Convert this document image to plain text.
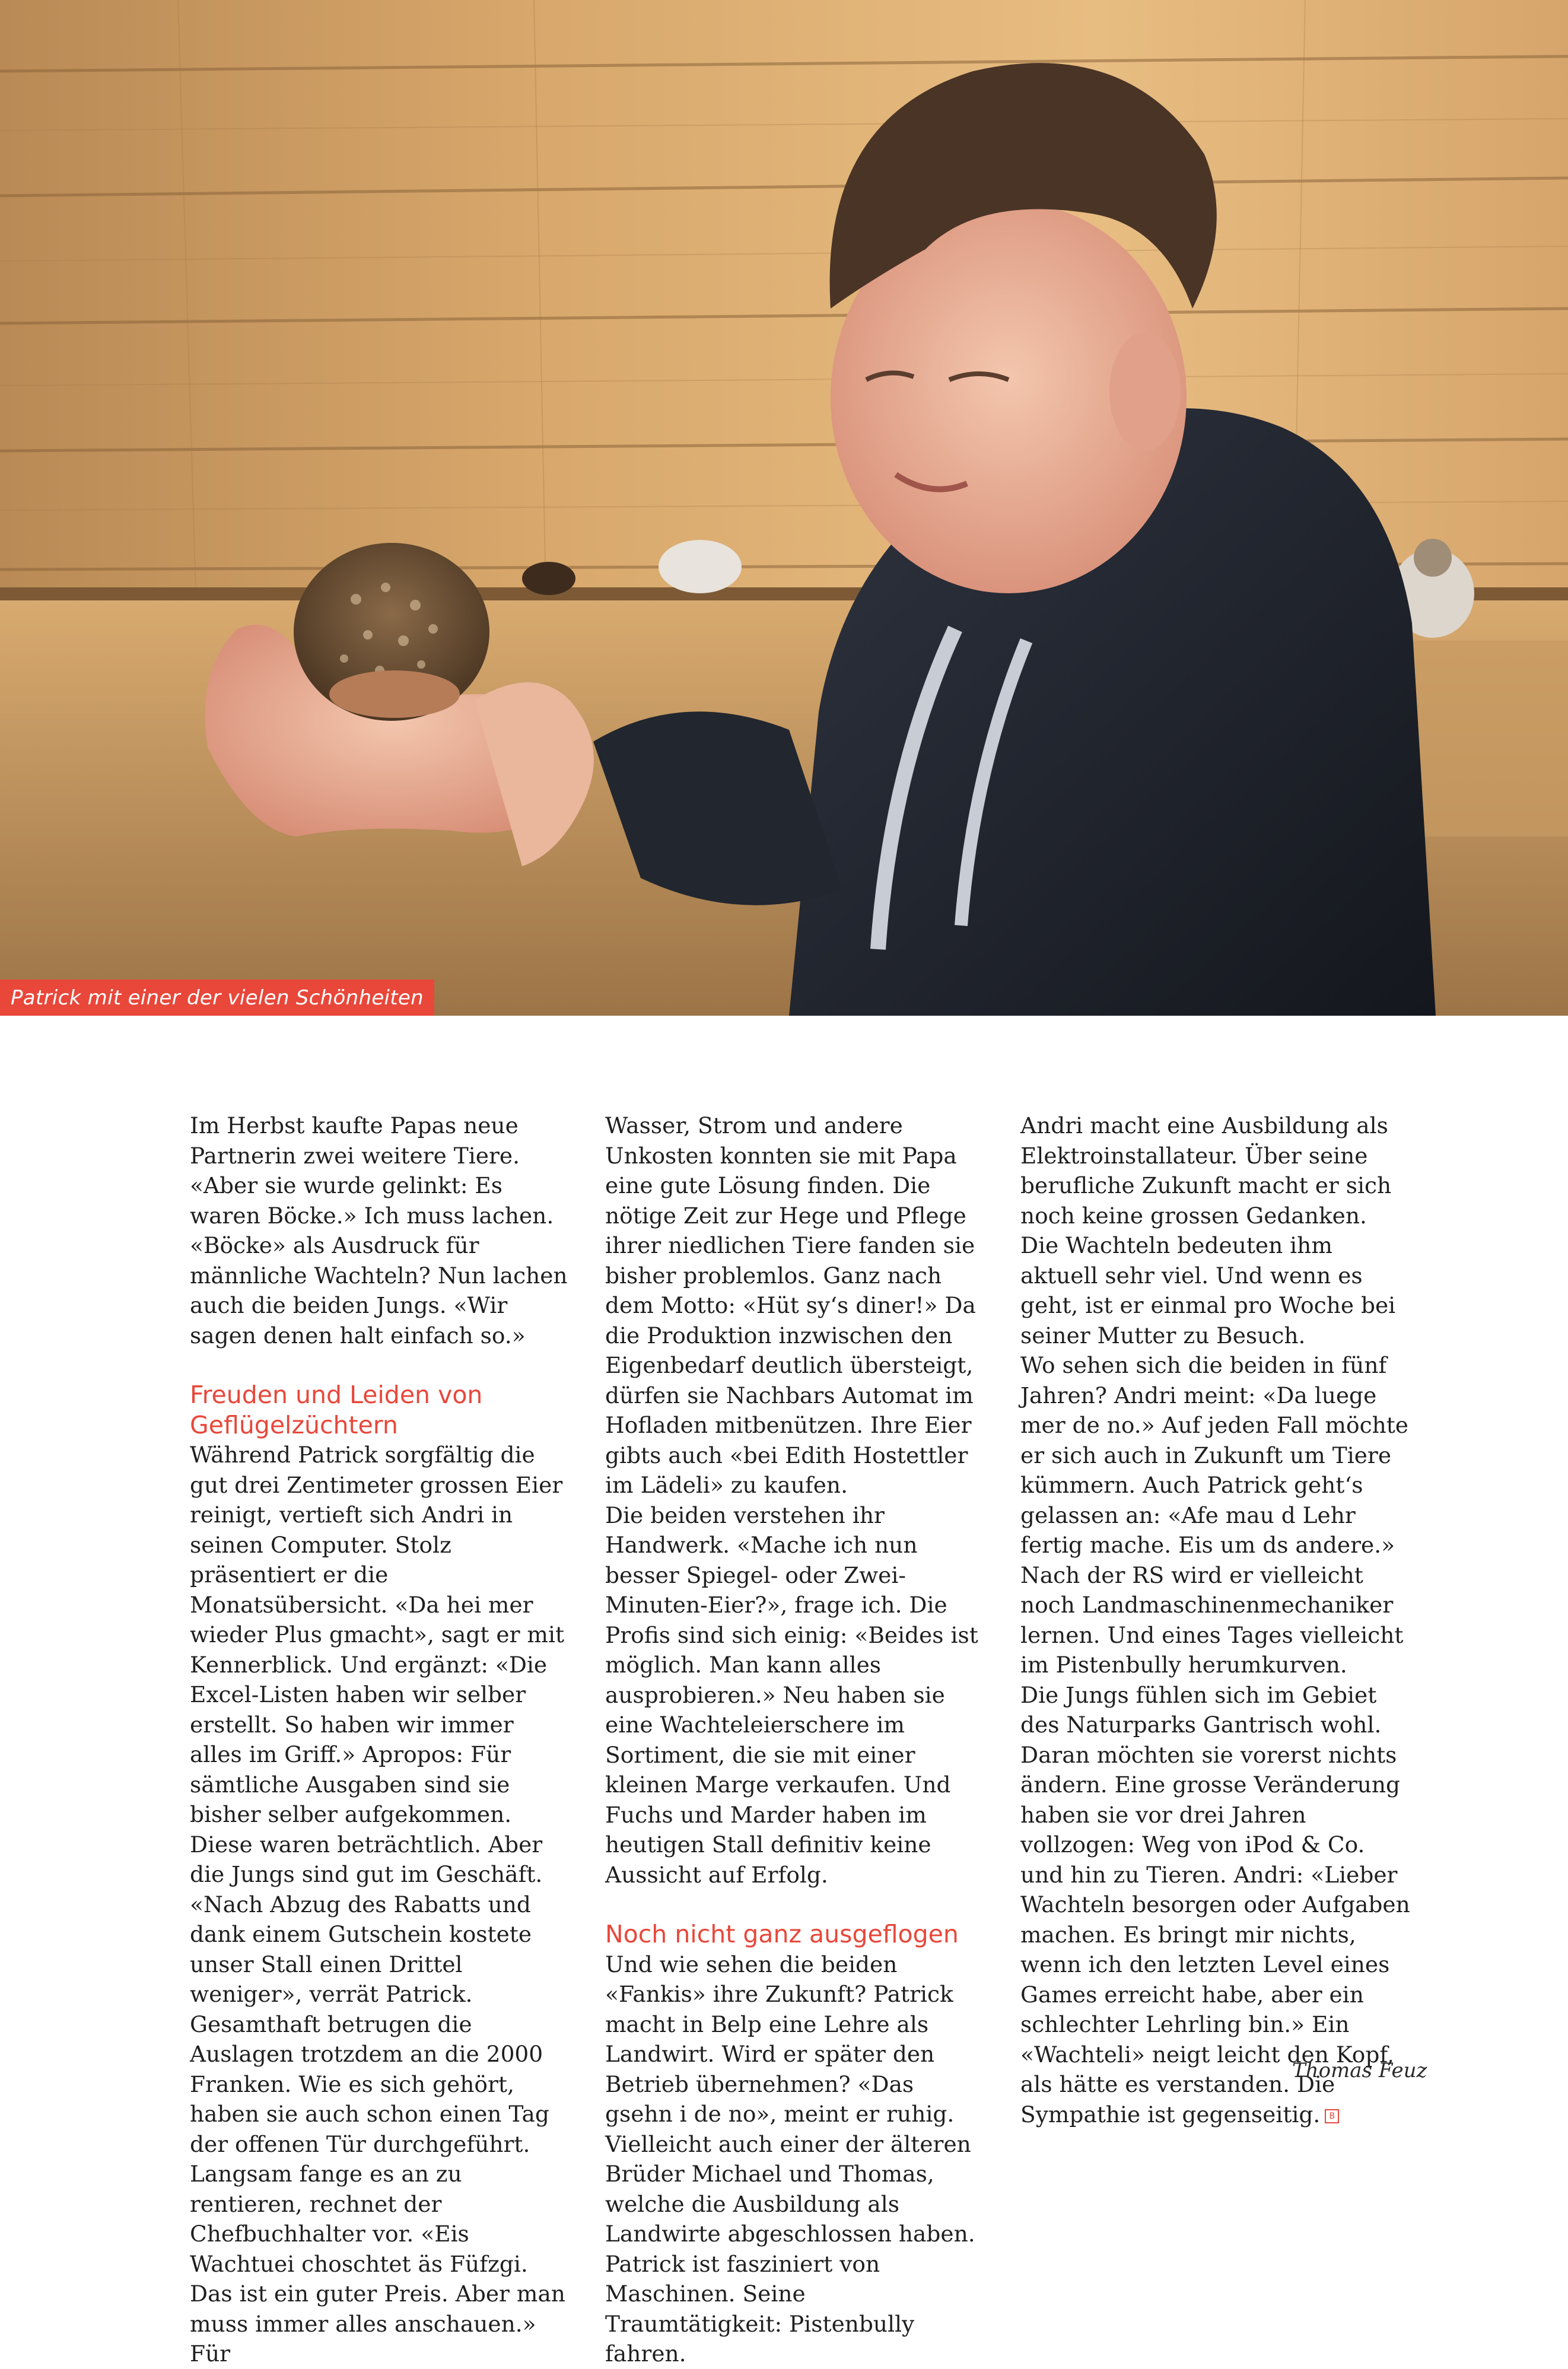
Patrick mit einer der vielen Schönheiten

Im Herbst kaufte Papas neue Partnerin zwei weitere Tiere. «Aber sie wurde gelinkt: Es waren Böcke.» Ich muss lachen. «Böcke» als Ausdruck für männliche Wachteln? Nun lachen auch die beiden Jungs. «Wir sagen denen halt einfach so.»

Freuden und Leiden von Geflügelzüchtern

Während Patrick sorgfältig die gut drei Zentimeter grossen Eier reinigt, vertieft sich Andri in seinen Computer. Stolz präsentiert er die Monatsübersicht. «Da hei mer wieder Plus gmacht», sagt er mit Kennerblick. Und ergänzt: «Die Excel-Listen haben wir selber erstellt. So haben wir immer alles im Griff.» Apropos: Für sämtliche Ausgaben sind sie bisher selber aufgekommen. Diese waren beträchtlich. Aber die Jungs sind gut im Geschäft. «Nach Abzug des Rabatts und dank einem Gutschein kostete unser Stall einen Drittel weniger», verrät Patrick. Gesamthaft betrugen die Auslagen trotzdem an die 2000 Franken. Wie es sich gehört, haben sie auch schon einen Tag der offenen Tür durchgeführt.

Langsam fange es an zu rentieren, rechnet der Chefbuchhalter vor. «Eis Wachtuei choschtet äs Füfzgi. Das ist ein guter Preis. Aber man muss immer alles anschauen.» Für

Wasser, Strom und andere Unkosten konnten sie mit Papa eine gute Lösung finden. Die nötige Zeit zur Hege und Pflege ihrer niedlichen Tiere fanden sie bisher problemlos. Ganz nach dem Motto: «Hüt sy‘s diner!» Da die Produktion inzwischen den Eigenbedarf deutlich übersteigt, dürfen sie Nachbars Automat im Hofladen mitbenützen. Ihre Eier gibts auch «bei Edith Hostettler im Lädeli» zu kaufen.

Die beiden verstehen ihr Handwerk. «Mache ich nun besser Spiegel- oder Zwei-Minuten-Eier?», frage ich. Die Profis sind sich einig: «Beides ist möglich. Man kann alles ausprobieren.» Neu haben sie eine Wachteleierschere im Sortiment, die sie mit einer kleinen Marge verkaufen. Und Fuchs und Marder haben im heutigen Stall definitiv keine Aussicht auf Erfolg.

Noch nicht ganz ausgeflogen

Und wie sehen die beiden «Fankis» ihre Zukunft? Patrick macht in Belp eine Lehre als Landwirt. Wird er später den Betrieb übernehmen? «Das gsehn i de no», meint er ruhig. Vielleicht auch einer der älteren Brüder Michael und Thomas, welche die Ausbildung als Landwirte abgeschlossen haben. Patrick ist fasziniert von Maschinen. Seine Traumtätigkeit: Pistenbully fahren.

Andri macht eine Ausbildung als Elektroinstallateur. Über seine berufliche Zukunft macht er sich noch keine grossen Gedanken. Die Wachteln bedeuten ihm aktuell sehr viel. Und wenn es geht, ist er einmal pro Woche bei seiner Mutter zu Besuch.

Wo sehen sich die beiden in fünf Jahren? Andri meint: «Da luege mer de no.» Auf jeden Fall möchte er sich auch in Zukunft um Tiere kümmern. Auch Patrick geht‘s gelassen an: «Afe mau d Lehr fertig mache. Eis um ds andere.» Nach der RS wird er vielleicht noch Landmaschinenmechaniker lernen. Und eines Tages vielleicht im Pistenbully herumkurven.

Die Jungs fühlen sich im Gebiet des Naturparks Gantrisch wohl. Daran möchten sie vorerst nichts ändern. Eine grosse Veränderung haben sie vor drei Jahren vollzogen: Weg von iPod & Co. und hin zu Tieren. Andri: «Lieber Wachteln besorgen oder Aufgaben machen. Es bringt mir nichts, wenn ich den letzten Level eines Games erreicht habe, aber ein schlechter Lehrling bin.» Ein «Wachteli» neigt leicht den Kopf, als hätte es verstanden. Die Sympathie ist gegenseitig. B

Thomas Feuz
